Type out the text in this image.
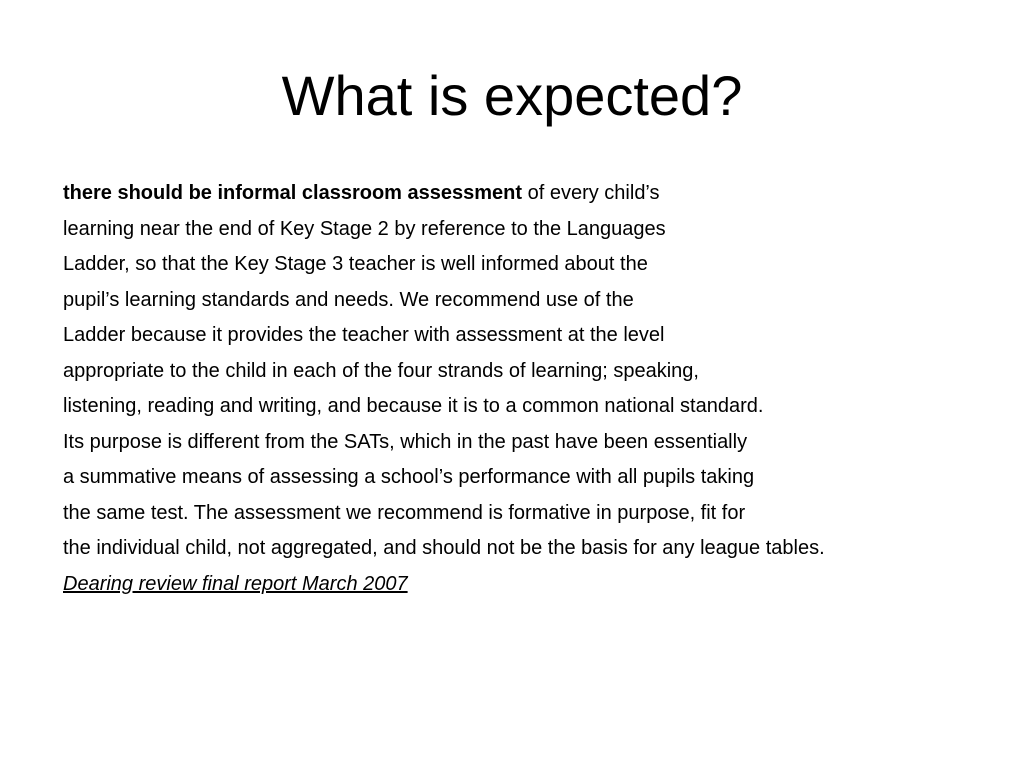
What is expected?
there should be informal classroom assessment of every child’s
learning near the end of Key Stage 2 by reference to the Languages
Ladder, so that the Key Stage 3 teacher is well informed about the
pupil’s learning standards and needs. We recommend use of the
Ladder because it provides the teacher with assessment at the level
appropriate to the child in each of the four strands of learning; speaking,
listening, reading and writing, and because it is to a common national standard.
Its purpose is different from the SATs, which in the past have been essentially
a summative means of assessing a school’s performance with all pupils taking
the same test. The assessment we recommend is formative in purpose, fit for
the individual child, not aggregated, and should not be the basis for any league tables.
Dearing review final report March 2007
